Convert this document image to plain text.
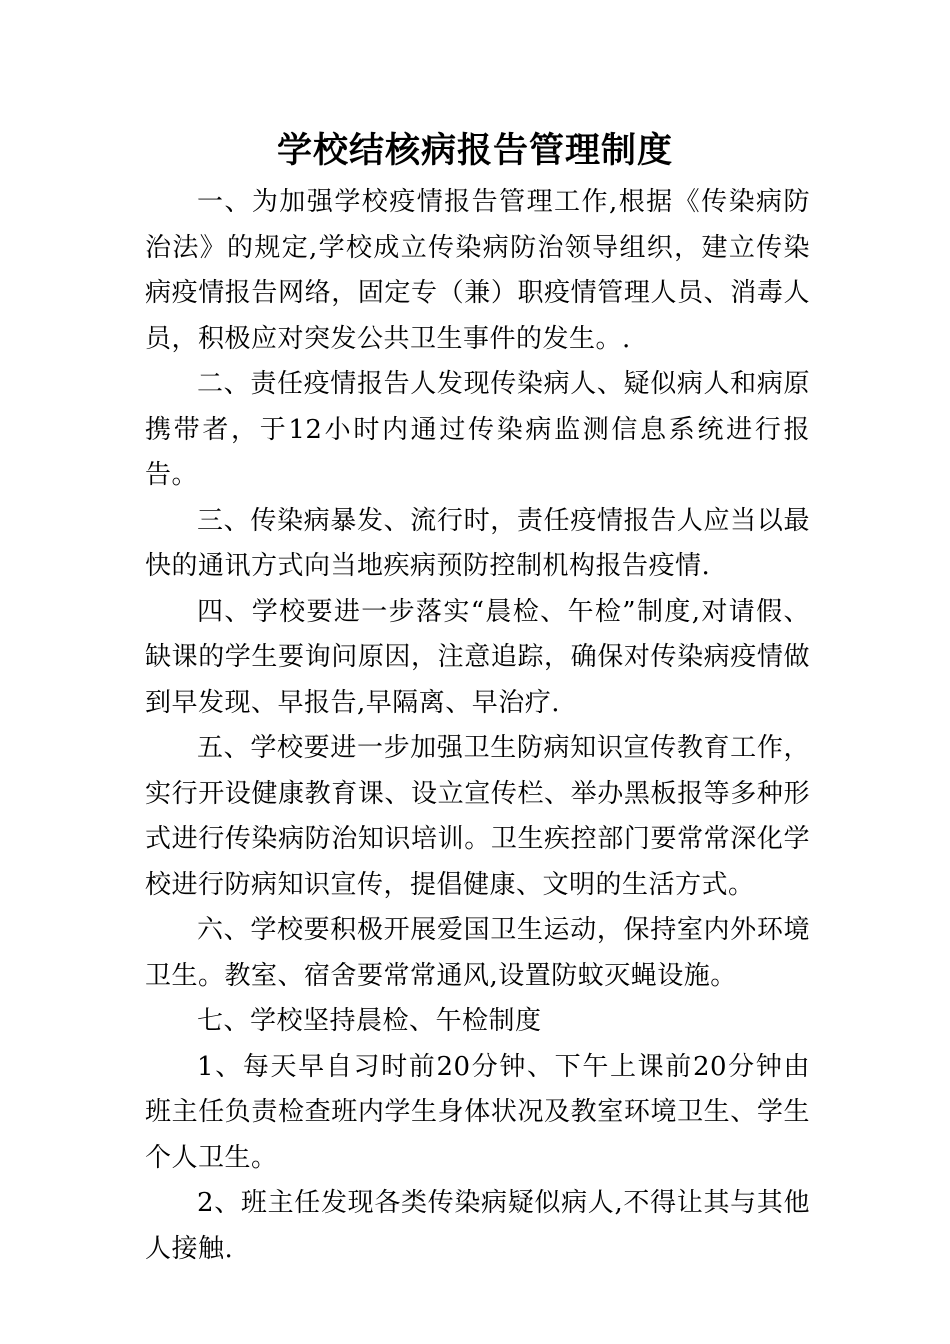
学校结核病报告管理制度

一、为加强学校疫情报告管理工作,根据《传染病防治法》的规定,学校成立传染病防治领导组织，建立传染病疫情报告网络，固定专（兼）职疫情管理人员、消毒人员，积极应对突发公共卫生事件的发生。.

二、责任疫情报告人发现传染病人、疑似病人和病原携带者，于12小时内通过传染病监测信息系统进行报告。

三、传染病暴发、流行时，责任疫情报告人应当以最快的通讯方式向当地疾病预防控制机构报告疫情.

四、学校要进一步落实“晨检、午检”制度,对请假、缺课的学生要询问原因，注意追踪，确保对传染病疫情做到早发现、早报告,早隔离、早治疗.

五、学校要进一步加强卫生防病知识宣传教育工作，实行开设健康教育课、设立宣传栏、举办黑板报等多种形式进行传染病防治知识培训。卫生疾控部门要常常深化学校进行防病知识宣传，提倡健康、文明的生活方式。

六、学校要积极开展爱国卫生运动，保持室内外环境卫生。教室、宿舍要常常通风,设置防蚊灭蝇设施。

七、学校坚持晨检、午检制度

1、每天早自习时前20分钟、下午上课前20分钟由班主任负责检查班内学生身体状况及教室环境卫生、学生个人卫生。

2、班主任发现各类传染病疑似病人,不得让其与其他人接触.
